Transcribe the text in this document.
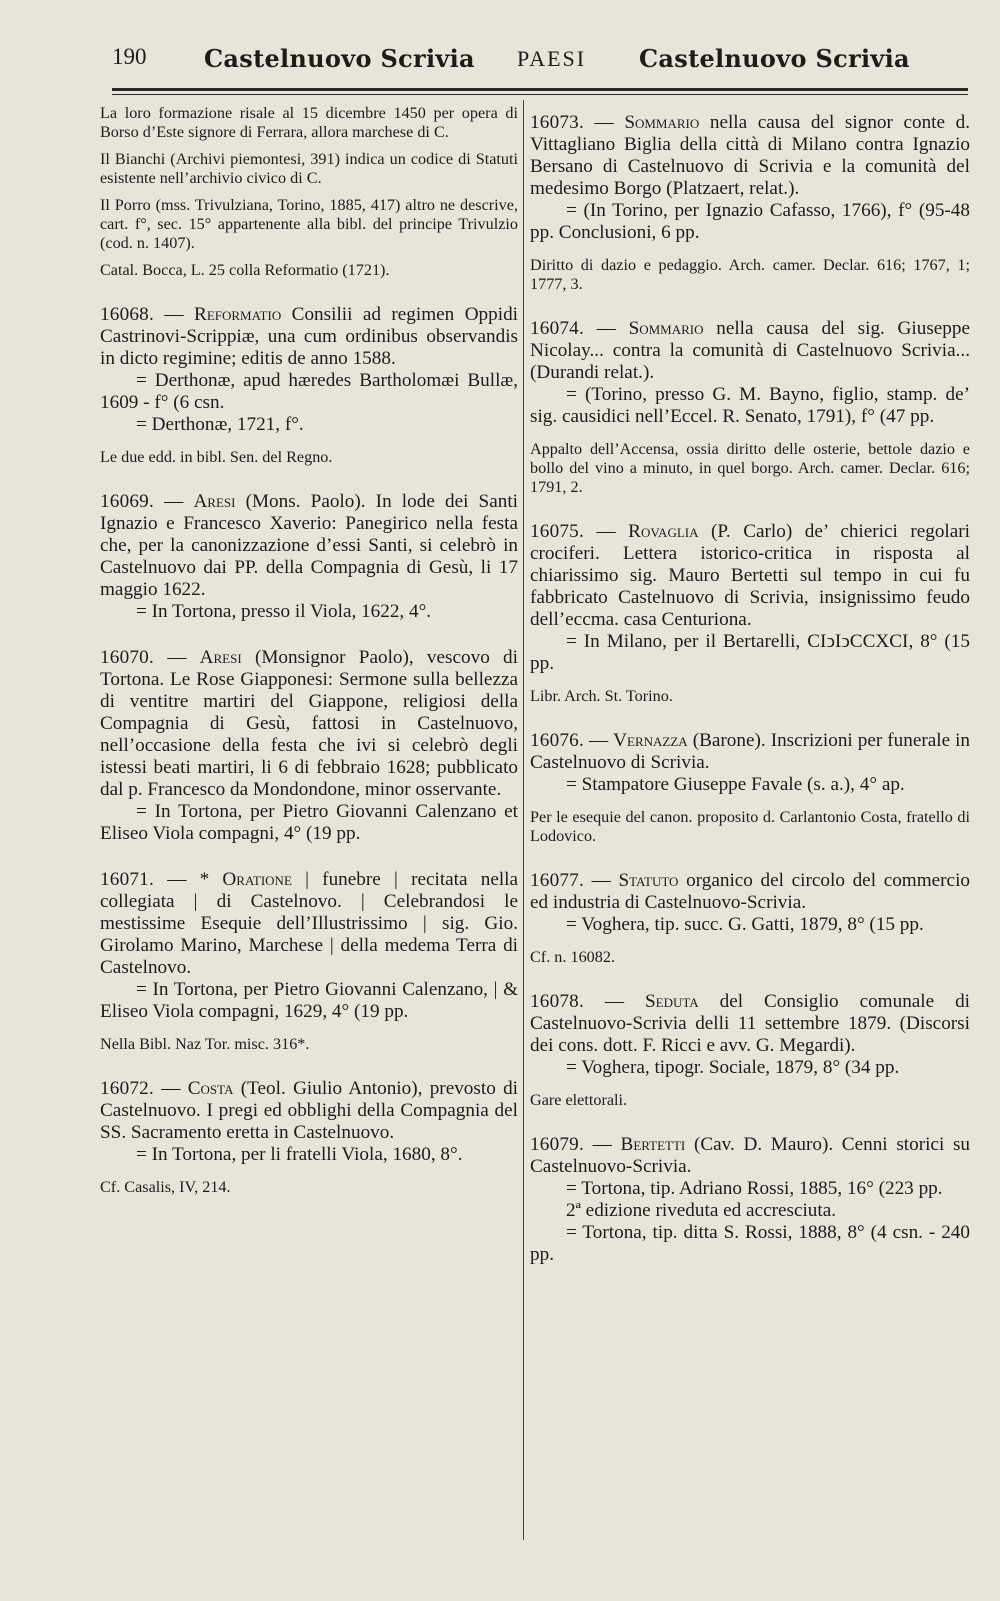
190 Castelnuovo Scrivia PAESI Castelnuovo Scrivia

La loro formazione risale al 15 dicembre 1450 per opera di Borso d’Este signore di Ferrara, allora marchese di C.

Il Bianchi (Archivi piemontesi, 391) indica un codice di Statuti esistente nell’archivio civico di C.

Il Porro (mss. Trivulziana, Torino, 1885, 417) altro ne descrive, cart. f°, sec. 15° appartenente alla bibl. del principe Trivulzio (cod. n. 1407).

Catal. Bocca, L. 25 colla Reformatio (1721).

16068. — Reformatio Consilii ad regimen Oppidi Castrinovi-Scrippiæ, una cum ordinibus observandis in dicto regimine; editis de anno 1588.

= Derthonæ, apud hæredes Bartholomæi Bullæ, 1609 - f° (6 csn.

= Derthonæ, 1721, f°.

Le due edd. in bibl. Sen. del Regno.

16069. — Aresi (Mons. Paolo). In lode dei Santi Ignazio e Francesco Xaverio: Panegirico nella festa che, per la canonizzazione d’essi Santi, si celebrò in Castelnuovo dai PP. della Compagnia di Gesù, li 17 maggio 1622.

= In Tortona, presso il Viola, 1622, 4°.

16070. — Aresi (Monsignor Paolo), vescovo di Tortona. Le Rose Giapponesi: Sermone sulla bellezza di ventitre martiri del Giappone, religiosi della Compagnia di Gesù, fattosi in Castelnuovo, nell’occasione della festa che ivi si celebrò degli istessi beati martiri, li 6 di febbraio 1628; pubblicato dal p. Francesco da Mondondone, minor osservante.

= In Tortona, per Pietro Giovanni Calenzano et Eliseo Viola compagni, 4° (19 pp.

16071. — * Oratione | funebre | recitata nella collegiata | di Castelnovo. | Celebrandosi le mestissime Esequie dell’Illustrissimo | sig. Gio. Girolamo Marino, Marchese | della medema Terra di Castelnovo.

= In Tortona, per Pietro Giovanni Calenzano, | & Eliseo Viola compagni, 1629, 4° (19 pp.

Nella Bibl. Naz Tor. misc. 316*.

16072. — Costa (Teol. Giulio Antonio), prevosto di Castelnuovo. I pregi ed obblighi della Compagnia del SS. Sacramento eretta in Castelnuovo.

= In Tortona, per li fratelli Viola, 1680, 8°.

Cf. Casalis, IV, 214.

16073. — Sommario nella causa del signor conte d. Vittagliano Biglia della città di Milano contra Ignazio Bersano di Castelnuovo di Scrivia e la comunità del medesimo Borgo (Platzaert, relat.).

= (In Torino, per Ignazio Cafasso, 1766), f° (95-48 pp. Conclusioni, 6 pp.

Diritto di dazio e pedaggio. Arch. camer. Declar. 616; 1767, 1; 1777, 3.

16074. — Sommario nella causa del sig. Giuseppe Nicolay... contra la comunità di Castelnuovo Scrivia... (Durandi relat.).

= (Torino, presso G. M. Bayno, figlio, stamp. de’ sig. causidici nell’Eccel. R. Senato, 1791), f° (47 pp.

Appalto dell’Accensa, ossia diritto delle osterie, bettole dazio e bollo del vino a minuto, in quel borgo. Arch. camer. Declar. 616; 1791, 2.

16075. — Rovaglia (P. Carlo) de’ chierici regolari crociferi. Lettera istorico-critica in risposta al chiarissimo sig. Mauro Bertetti sul tempo in cui fu fabbricato Castelnuovo di Scrivia, insignissimo feudo dell’eccma. casa Centuriona.

= In Milano, per il Bertarelli, CIↄIↄCCXCI, 8° (15 pp.

Libr. Arch. St. Torino.

16076. — Vernazza (Barone). Inscrizioni per funerale in Castelnuovo di Scrivia.

= Stampatore Giuseppe Favale (s. a.), 4° ap.

Per le esequie del canon. proposito d. Carlantonio Costa, fratello di Lodovico.

16077. — Statuto organico del circolo del commercio ed industria di Castelnuovo-Scrivia.

= Voghera, tip. succ. G. Gatti, 1879, 8° (15 pp.

Cf. n. 16082.

16078. — Seduta del Consiglio comunale di Castelnuovo-Scrivia delli 11 settembre 1879. (Discorsi dei cons. dott. F. Ricci e avv. G. Megardi).

= Voghera, tipogr. Sociale, 1879, 8° (34 pp.

Gare elettorali.

16079. — Bertetti (Cav. D. Mauro). Cenni storici su Castelnuovo-Scrivia.

= Tortona, tip. Adriano Rossi, 1885, 16° (223 pp.

2ª edizione riveduta ed accresciuta.

= Tortona, tip. ditta S. Rossi, 1888, 8° (4 csn. - 240 pp.
